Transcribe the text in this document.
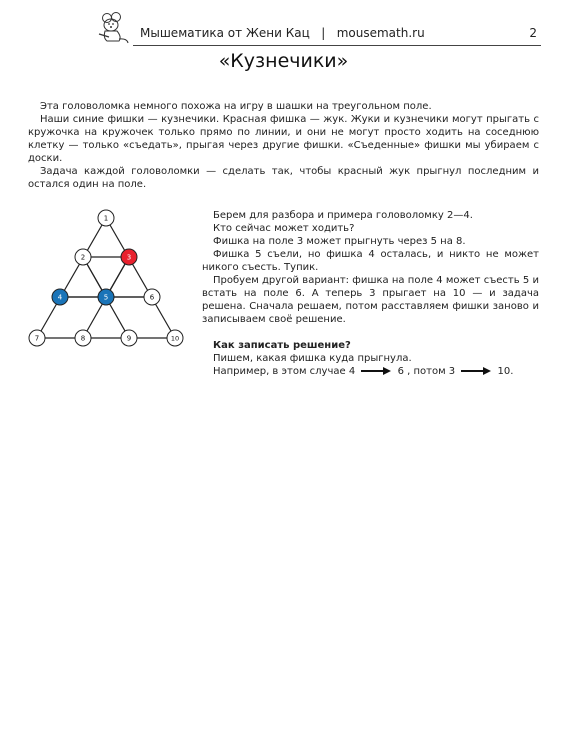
Мышематика от Жени Кац | mousemath.ru	2
«Кузнечики»

Эта головоломка немного похожа на игру в шашки на треугольном поле.

Наши синие фишки — кузнечики. Красная фишка — жук. Жуки и кузнечики могут прыгать с кружочка на кружочек только прямо по линии, и они не могут просто ходить на соседнюю клетку — только «съедать», прыгая через другие фишки. «Съеденные» фишки мы убираем с доски.

Задача каждой головоломки — сделать так, чтобы красный жук прыгнул последним и остался один на поле.

1
2	3
4	5	6
7	8	9	10

Берем для разбора и примера головоломку 2—4.

Кто сейчас может ходить?

Фишка на поле 3 может прыгнуть через 5 на 8.

Фишка 5 съели, но фишка 4 осталась, и никто не может никого съесть. Тупик.

Пробуем другой вариант: фишка на поле 4 может съесть 5 и встать на поле 6. А теперь 3 прыгает на 10 — и задача решена. Сначала решаем, потом расставляем фишки заново и записываем своё решение.

Как записать решение?

Пишем, какая фишка куда прыгнула.

Например, в этом случае 4	6 , потом 3	10.
